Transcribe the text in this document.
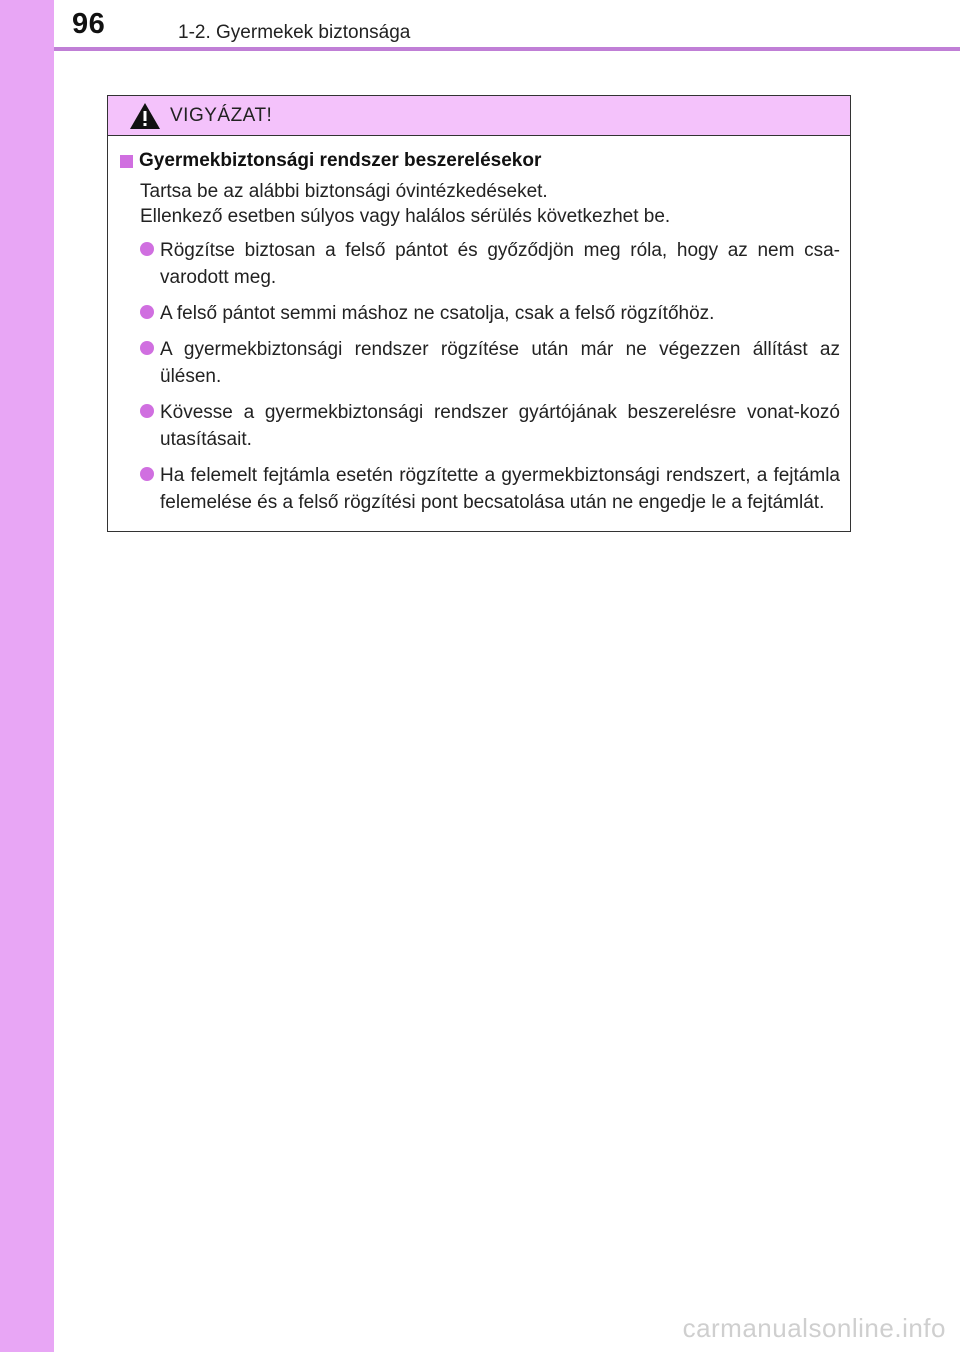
96	1-2. Gyermekek biztonsága
VIGYÁZAT!
Gyermekbiztonsági rendszer beszerelésekor
Tartsa be az alábbi biztonsági óvintézkedéseket.
Ellenkező esetben súlyos vagy halálos sérülés következhet be.
Rögzítse biztosan a felső pántot és győződjön meg róla, hogy az nem csa-varodott meg.
A felső pántot semmi máshoz ne csatolja, csak a felső rögzítőhöz.
A gyermekbiztonsági rendszer rögzítése után már ne végezzen állítást az ülésen.
Kövesse a gyermekbiztonsági rendszer gyártójának beszerelésre vonat-kozó utasításait.
Ha felemelt fejtámla esetén rögzítette a gyermekbiztonsági rendszert, a fejtámla felemelése és a felső rögzítési pont becsatolása után ne engedje le a fejtámlát.
carmanualsonline.info
